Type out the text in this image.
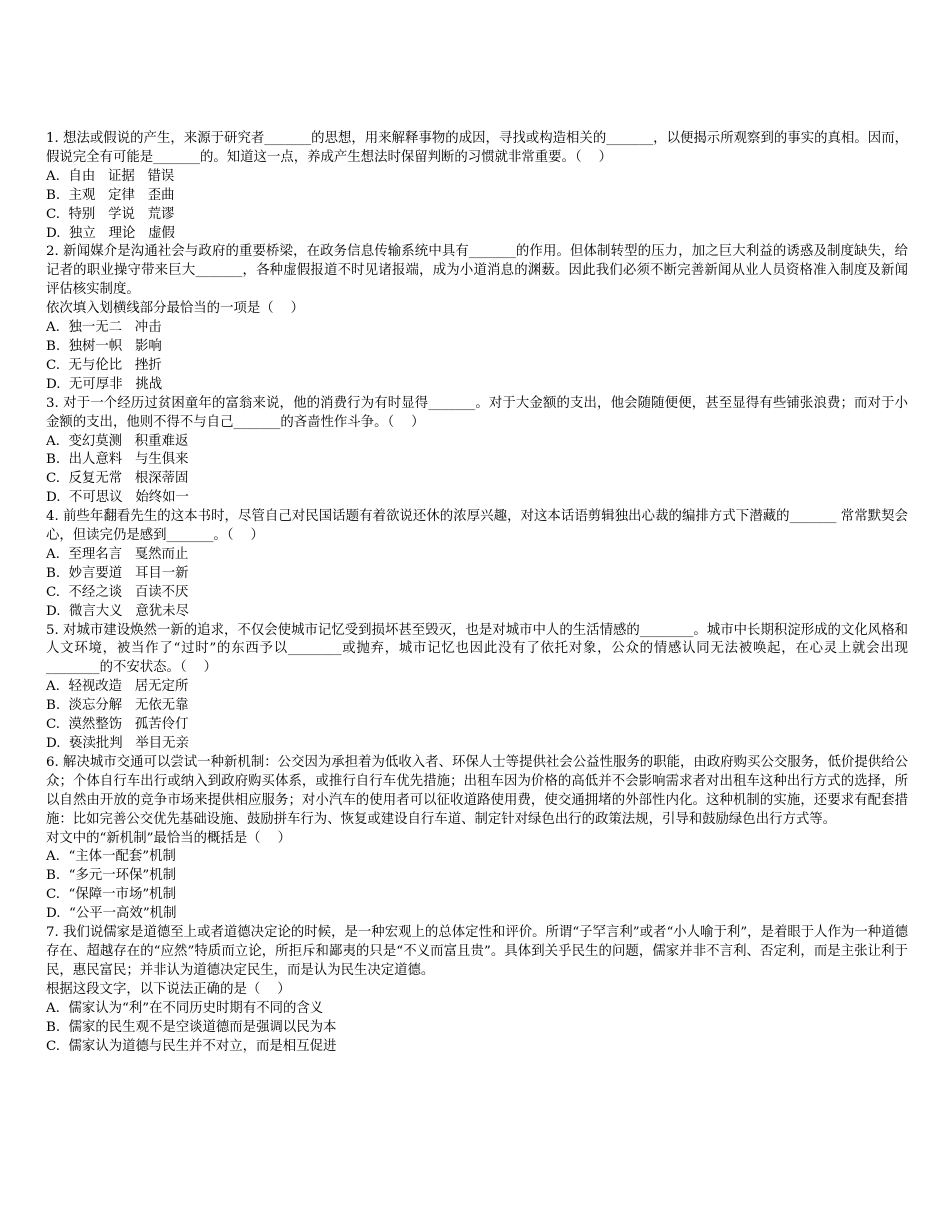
1. 想法或假说的产生，来源于研究者_______的思想，用来解释事物的成因，寻找或构造相关的_______，以便揭示所观察到的事实的真相。因而，假说完全有可能是_______的。知道这一点，养成产生想法时保留判断的习惯就非常重要。（    ）

A.  自由   证据   错误

B.  主观   定律   歪曲

C.  特别   学说   荒谬

D.  独立   理论   虚假

2. 新闻媒介是沟通社会与政府的重要桥梁，在政务信息传输系统中具有_______的作用。但体制转型的压力，加之巨大利益的诱惑及制度缺失，给记者的职业操守带来巨大_______，各种虚假报道不时见诸报端，成为小道消息的渊薮。因此我们必须不断完善新闻从业人员资格准入制度及新闻评估核实制度。

依次填入划横线部分最恰当的一项是（    ）

A.  独一无二   冲击

B.  独树一帜   影响

C.  无与伦比   挫折

D.  无可厚非   挑战

3. 对于一个经历过贫困童年的富翁来说，他的消费行为有时显得_______。对于大金额的支出，他会随随便便，甚至显得有些铺张浪费；而对于小金额的支出，他则不得不与自己_______的吝啬性作斗争。（    ）

A.  变幻莫测   积重难返

B.  出人意料   与生俱来

C.  反复无常   根深蒂固

D.  不可思议   始终如一

4. 前些年翻看先生的这本书时，尽管自己对民国话题有着欲说还休的浓厚兴趣，对这本话语剪辑独出心裁的编排方式下潜藏的_______ 常常默契会心，但读完仍是感到_______。（    ）

A.  至理名言   戛然而止

B.  妙言要道   耳目一新

C.  不经之谈   百读不厌

D.  微言大义   意犹未尽

5. 对城市建设焕然一新的追求，不仅会使城市记忆受到损坏甚至毁灭，也是对城市中人的生活情感的________。城市中长期积淀形成的文化风格和人文环境，被当作了“过时”的东西予以________或抛弃，城市记忆也因此没有了依托对象，公众的情感认同无法被唤起，在心灵上就会出现________的不安状态。（    ）

A.  轻视改造   居无定所

B.  淡忘分解   无依无靠

C.  漠然整饬   孤苦伶仃

D.  亵渎批判   举目无亲

6. 解决城市交通可以尝试一种新机制：公交因为承担着为低收入者、环保人士等提供社会公益性服务的职能，由政府购买公交服务，低价提供给公众；个体自行车出行或纳入到政府购买体系，或推行自行车优先措施；出租车因为价格的高低并不会影响需求者对出租车这种出行方式的选择，所以自然由开放的竞争市场来提供相应服务；对小汽车的使用者可以征收道路使用费，使交通拥堵的外部性内化。这种机制的实施，还要求有配套措施：比如完善公交优先基础设施、鼓励拼车行为、恢复或建设自行车道、制定针对绿色出行的政策法规，引导和鼓励绿色出行方式等。

对文中的“新机制”最恰当的概括是（    ）

A.  “主体一配套”机制

B.  “多元一环保”机制

C.  “保障一市场”机制

D.  “公平一高效”机制

7. 我们说儒家是道德至上或者道德决定论的时候，是一种宏观上的总体定性和评价。所谓“子罕言利”或者“小人喻于利”，是着眼于人作为一种道德存在、超越存在的“应然”特质而立论，所拒斥和鄙夷的只是“不义而富且贵”。具体到关乎民生的问题，儒家并非不言利、否定利，而是主张让利于民，惠民富民；并非认为道德决定民生，而是认为民生决定道德。

根据这段文字，以下说法正确的是（    ）

A.  儒家认为“利”在不同历史时期有不同的含义

B.  儒家的民生观不是空谈道德而是强调以民为本

C.  儒家认为道德与民生并不对立，而是相互促进
